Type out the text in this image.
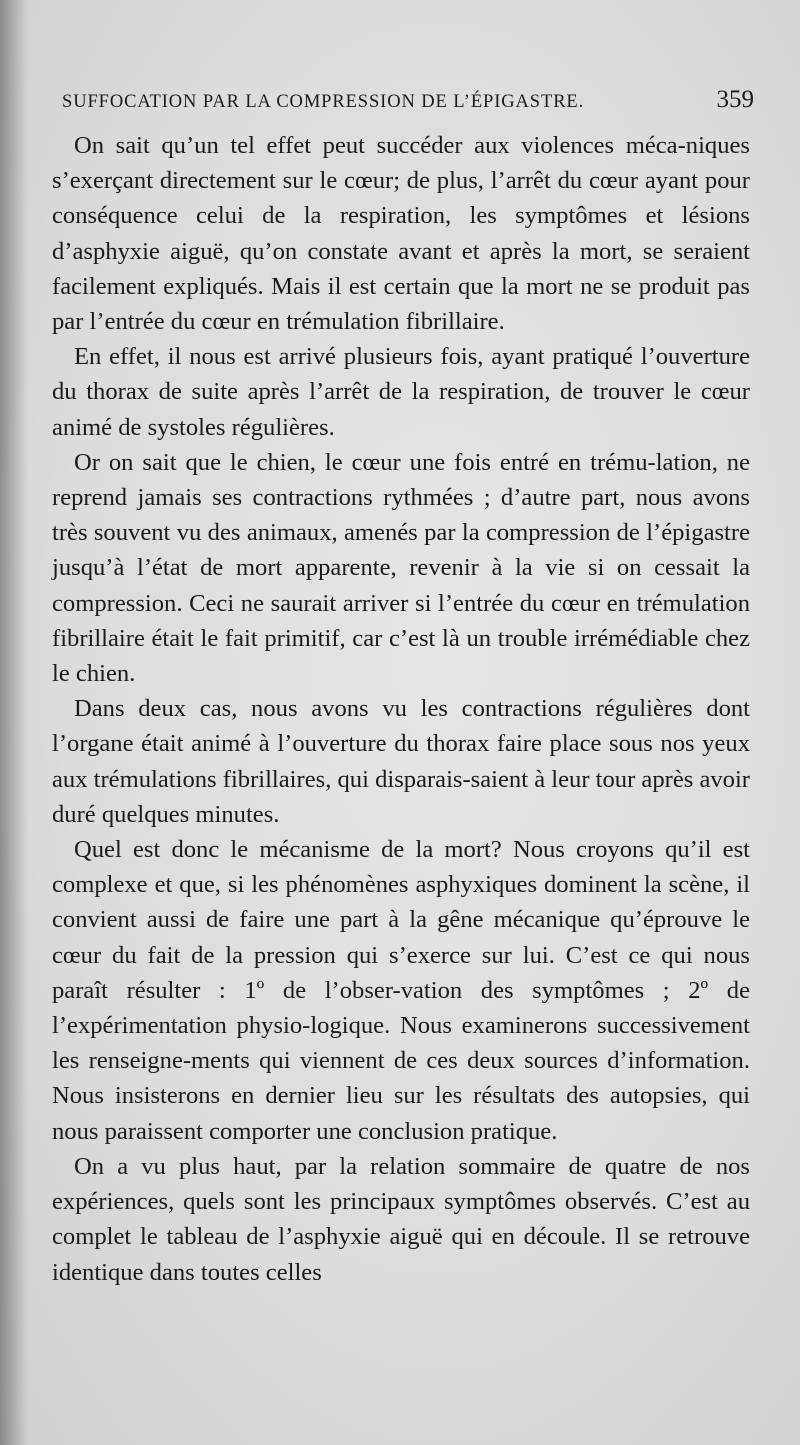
SUFFOCATION PAR LA COMPRESSION DE L’ÉPIGASTRE.	359

On sait qu’un tel effet peut succéder aux violences méca-niques s’exerçant directement sur le cœur; de plus, l’arrêt du cœur ayant pour conséquence celui de la respiration, les symptômes et lésions d’asphyxie aiguë, qu’on constate avant et après la mort, se seraient facilement expliqués. Mais il est certain que la mort ne se produit pas par l’entrée du cœur en trémulation fibrillaire.

En effet, il nous est arrivé plusieurs fois, ayant pratiqué l’ouverture du thorax de suite après l’arrêt de la respiration, de trouver le cœur animé de systoles régulières.

Or on sait que le chien, le cœur une fois entré en trému-lation, ne reprend jamais ses contractions rythmées ; d’autre part, nous avons très souvent vu des animaux, amenés par la compression de l’épigastre jusqu’à l’état de mort apparente, revenir à la vie si on cessait la compression. Ceci ne saurait arriver si l’entrée du cœur en trémulation fibrillaire était le fait primitif, car c’est là un trouble irrémédiable chez le chien.

Dans deux cas, nous avons vu les contractions régulières dont l’organe était animé à l’ouverture du thorax faire place sous nos yeux aux trémulations fibrillaires, qui disparais-saient à leur tour après avoir duré quelques minutes.

Quel est donc le mécanisme de la mort? Nous croyons qu’il est complexe et que, si les phénomènes asphyxiques dominent la scène, il convient aussi de faire une part à la gêne mécanique qu’éprouve le cœur du fait de la pression qui s’exerce sur lui. C’est ce qui nous paraît résulter : 1º de l’obser-vation des symptômes ; 2º de l’expérimentation physio-logique. Nous examinerons successivement les renseigne-ments qui viennent de ces deux sources d’information. Nous insisterons en dernier lieu sur les résultats des autopsies, qui nous paraissent comporter une conclusion pratique.

On a vu plus haut, par la relation sommaire de quatre de nos expériences, quels sont les principaux symptômes observés. C’est au complet le tableau de l’asphyxie aiguë qui en découle. Il se retrouve identique dans toutes celles
